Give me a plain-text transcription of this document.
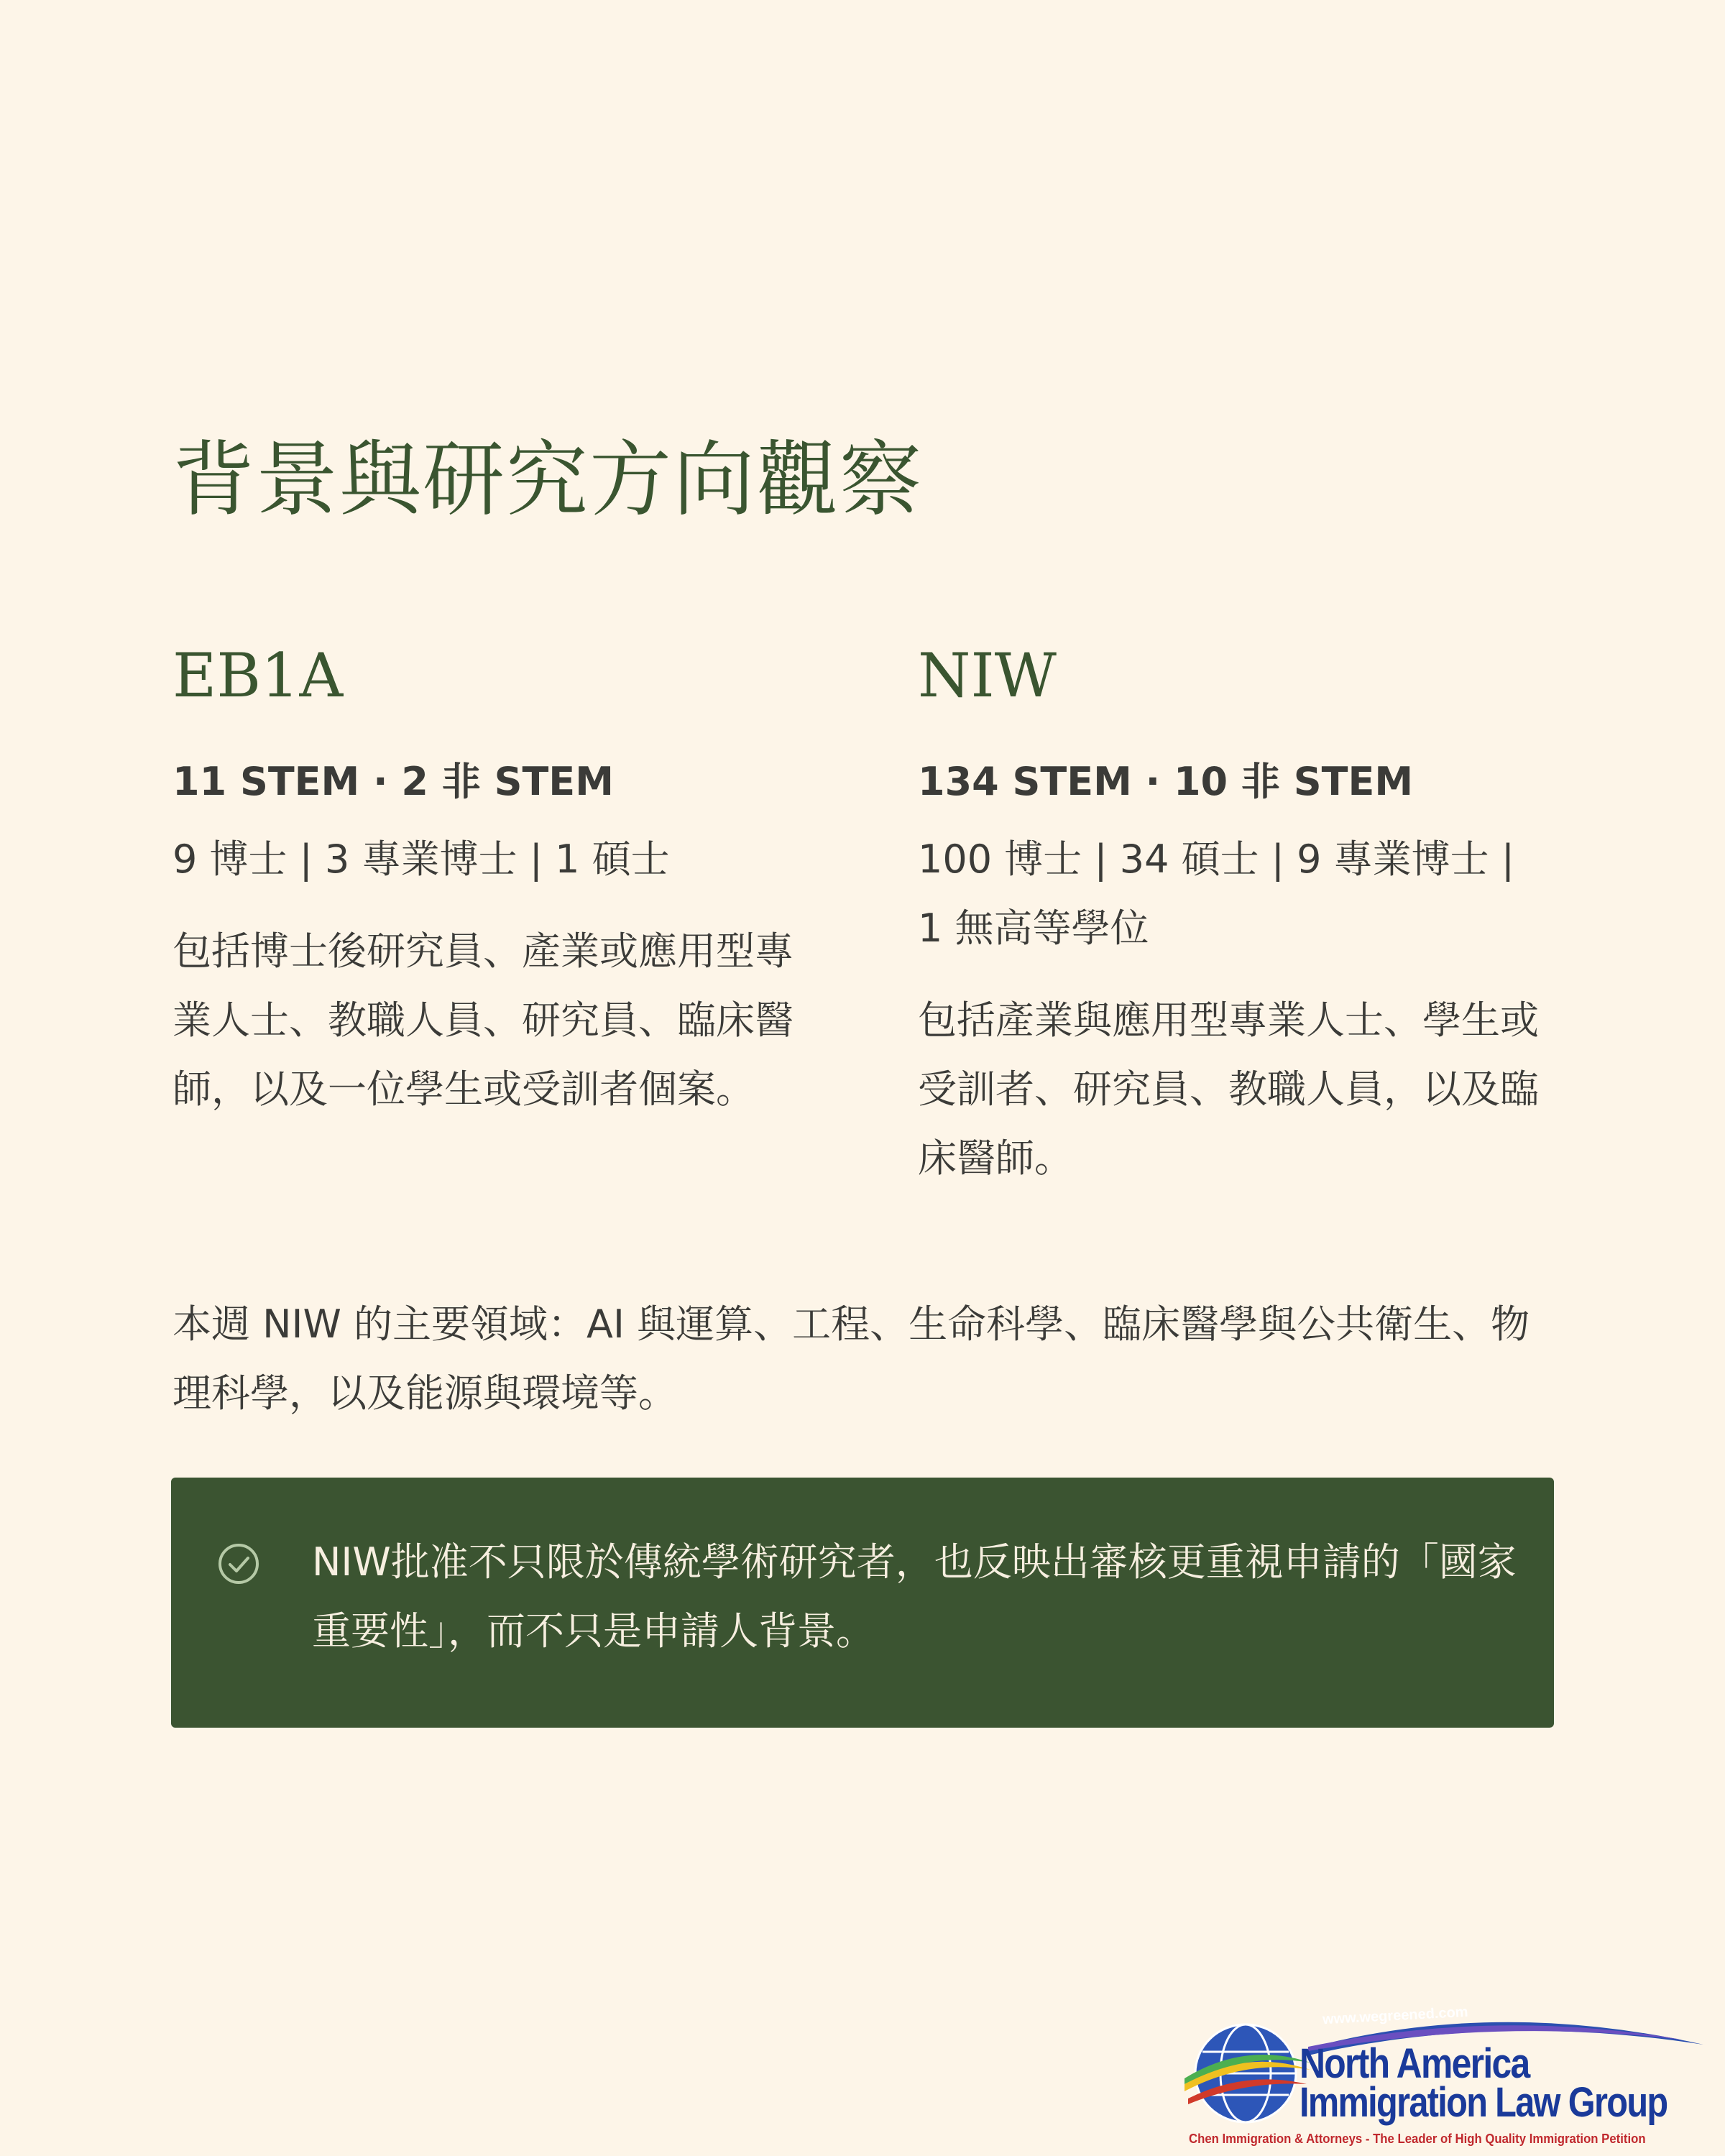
背景與研究方向觀察
EB1A
11 STEM · 2 非 STEM
9 博士 | 3 專業博士 | 1 碩士
包括博士後研究員、產業或應用型專業人士、教職人員、研究員、臨床醫師，以及一位學生或受訓者個案。
NIW
134 STEM · 10 非 STEM
100 博士 | 34 碩士 | 9 專業博士 | 1 無高等學位
包括產業與應用型專業人士、學生或受訓者、研究員、教職人員，以及臨床醫師。
本週 NIW 的主要領域：AI 與運算、工程、生命科學、臨床醫學與公共衛生、物理科學，以及能源與環境等。
NIW批准不只限於傳統學術研究者，也反映出審核更重視申請的「國家重要性」，而不只是申請人背景。
www.wegreened.com
North America
Immigration Law Group
Chen Immigration & Attorneys - The Leader of High Quality Immigration Petition
